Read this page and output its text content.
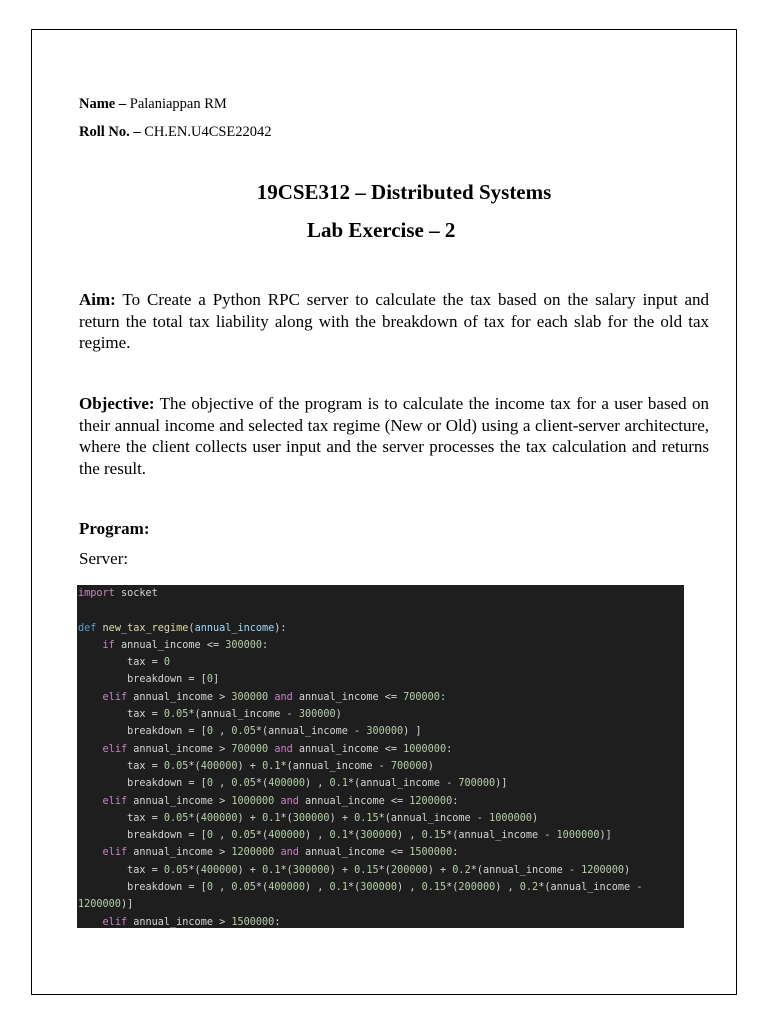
Name – Palaniappan RM
Roll No. – CH.EN.U4CSE22042
19CSE312 – Distributed Systems
Lab Exercise – 2
Aim: To Create a Python RPC server to calculate the tax based on the salary input and return the total tax liability along with the breakdown of tax for each slab for the old tax regime.
Objective: The objective of the program is to calculate the income tax for a user based on their annual income and selected tax regime (New or Old) using a client-server architecture, where the client collects user input and the server processes the tax calculation and returns the result.
Program:
Server:
import socket
def new_tax_regime(annual_income):
if annual_income <= 300000:
tax = 0
breakdown = [0]
elif annual_income > 300000 and annual_income <= 700000:
tax = 0.05*(annual_income - 300000)
breakdown = [0 , 0.05*(annual_income - 300000) ]
elif annual_income > 700000 and annual_income <= 1000000:
tax = 0.05*(400000) + 0.1*(annual_income - 700000)
breakdown = [0 , 0.05*(400000) , 0.1*(annual_income - 700000)]
elif annual_income > 1000000 and annual_income <= 1200000:
tax = 0.05*(400000) + 0.1*(300000) + 0.15*(annual_income - 1000000)
breakdown = [0 , 0.05*(400000) , 0.1*(300000) , 0.15*(annual_income - 1000000)]
elif annual_income > 1200000 and annual_income <= 1500000:
tax = 0.05*(400000) + 0.1*(300000) + 0.15*(200000) + 0.2*(annual_income - 1200000)
breakdown = [0 , 0.05*(400000) , 0.1*(300000) , 0.15*(200000) , 0.2*(annual_income -
1200000)]
elif annual_income > 1500000:
